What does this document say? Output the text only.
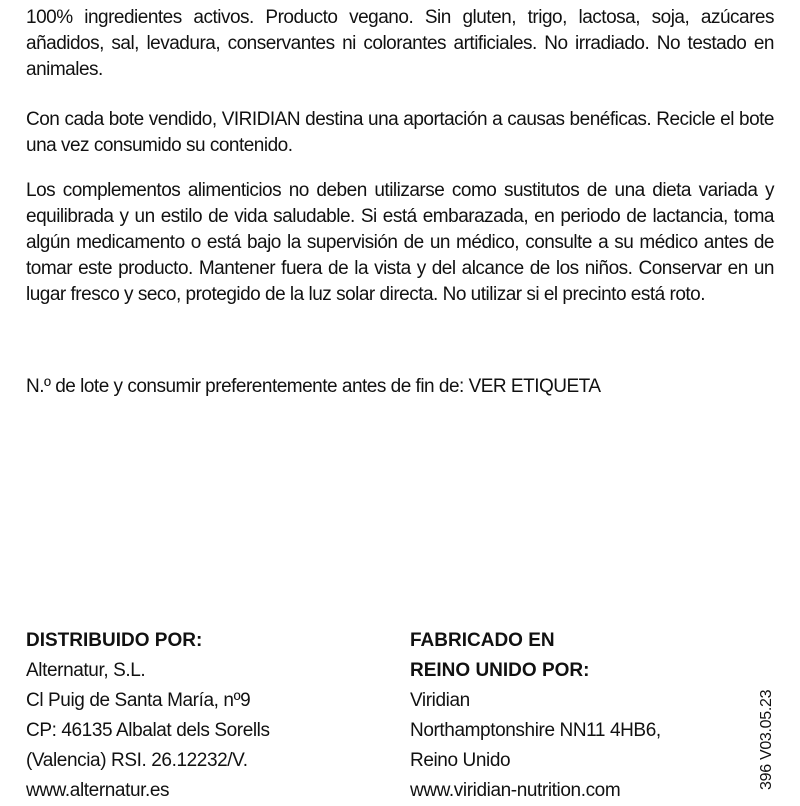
100% ingredientes activos. Producto vegano. Sin gluten, trigo, lactosa, soja, azúcares añadidos, sal, levadura, conservantes ni colorantes artificiales. No irradiado. No testado en animales.

Con cada bote vendido, VIRIDIAN destina una aportación a causas benéficas. Recicle el bote una vez consumido su contenido.

Los complementos alimenticios no deben utilizarse como sustitutos de una dieta variada y equilibrada y un estilo de vida saludable. Si está embarazada, en periodo de lactancia, toma algún medicamento o está bajo la supervisión de un médico, consulte a su médico antes de tomar este producto. Mantener fuera de la vista y del alcance de los niños. Conservar en un lugar fresco y seco, protegido de la luz solar directa. No utilizar si el precinto está roto.

N.º de lote y consumir preferentemente antes de fin de: VER ETIQUETA

DISTRIBUIDO POR:
Alternatur, S.L.
Cl Puig de Santa María, nº9
CP: 46135 Albalat dels Sorells
(Valencia) RSI. 26.12232/V.
www.alternatur.es
FABRICADO EN
REINO UNIDO POR:
Viridian
Northamptonshire NN11 4HB6,
Reino Unido
www.viridian-nutrition.com
396 V03.05.23
